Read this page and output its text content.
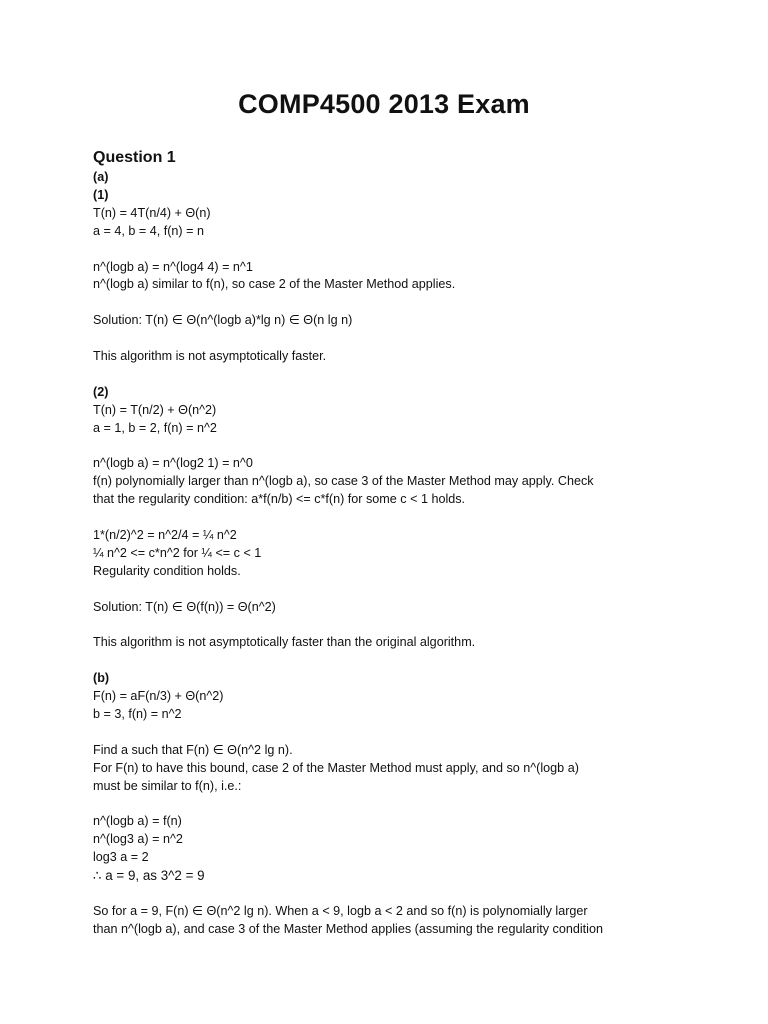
COMP4500 2013 Exam
Question 1
(a)
(1)
T(n) = 4T(n/4) + Θ(n)
a = 4, b = 4, f(n) = n
n^(logb a) = n^(log4 4) = n^1
n^(logb a) similar to f(n), so case 2 of the Master Method applies.
Solution: T(n) ∈ Θ(n^(logb a)*lg n) ∈ Θ(n lg n)
This algorithm is not asymptotically faster.
(2)
T(n) = T(n/2) + Θ(n^2)
a = 1, b = 2, f(n) = n^2
n^(logb a) = n^(log2 1) = n^0
f(n) polynomially larger than n^(logb a), so case 3 of the Master Method may apply. Check
that the regularity condition: a*f(n/b) <= c*f(n) for some c < 1 holds.
1*(n/2)^2 = n^2/4 = ¼ n^2
¼ n^2 <= c*n^2 for ¼ <= c < 1
Regularity condition holds.
Solution: T(n) ∈ Θ(f(n)) = Θ(n^2)
This algorithm is not asymptotically faster than the original algorithm.
(b)
F(n) = aF(n/3) + Θ(n^2)
b = 3, f(n) = n^2
Find a such that F(n) ∈ Θ(n^2 lg n).
For F(n) to have this bound, case 2 of the Master Method must apply, and so n^(logb a)
must be similar to f(n), i.e.:
n^(logb a) = f(n)
n^(log3 a) = n^2
log3 a = 2
∴ a = 9, as 3^2 = 9
So for a = 9, F(n) ∈ Θ(n^2 lg n). When a < 9, logb a < 2 and so f(n) is polynomially larger
than n^(logb a), and case 3 of the Master Method applies (assuming the regularity condition
